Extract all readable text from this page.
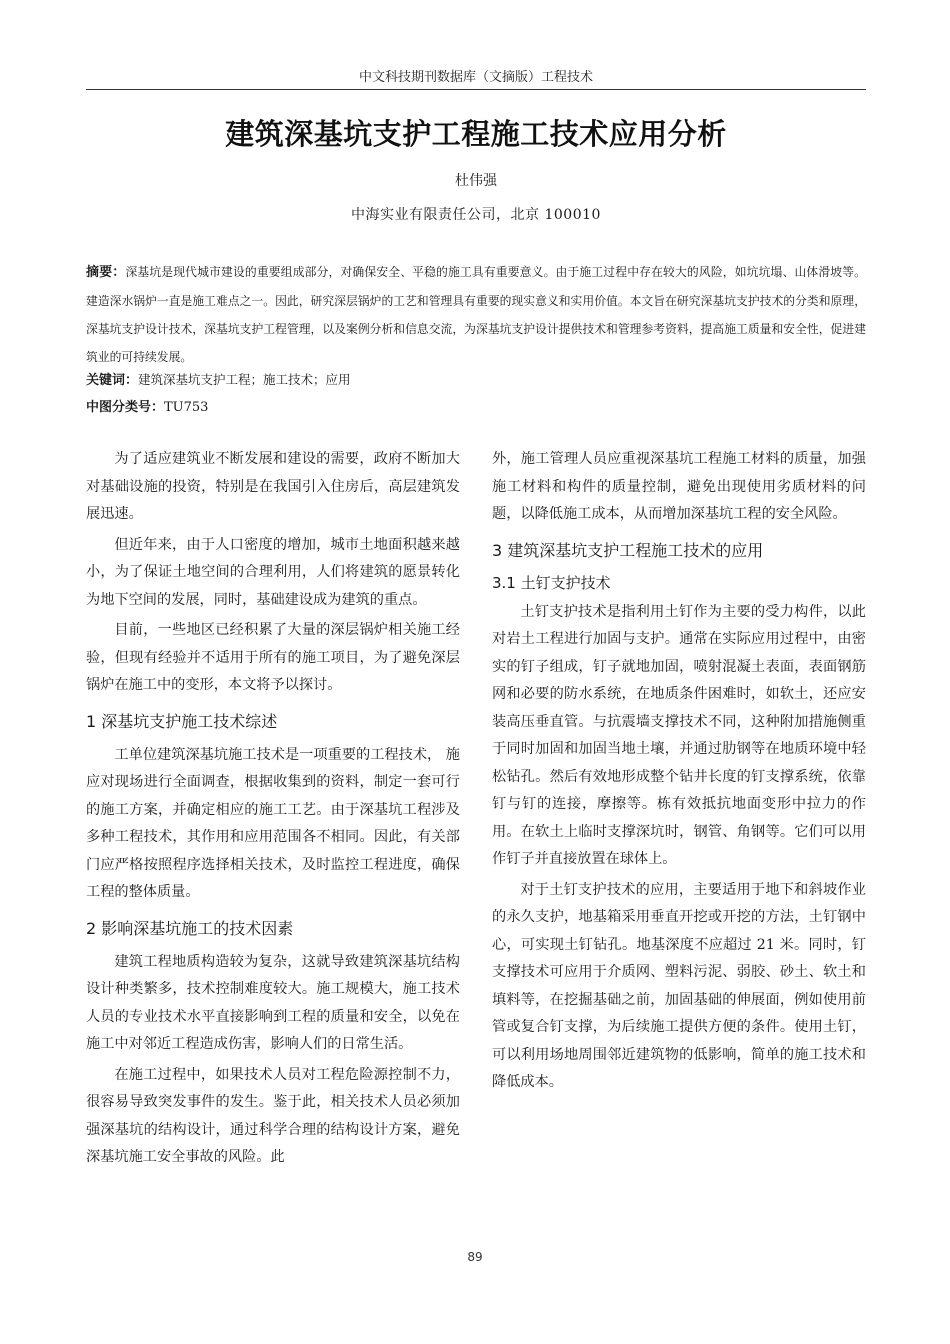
中文科技期刊数据库（文摘版）工程技术
建筑深基坑支护工程施工技术应用分析
杜伟强
中海实业有限责任公司，北京 100010
摘要：深基坑是现代城市建设的重要组成部分，对确保安全、平稳的施工具有重要意义。由于施工过程中存在较大的风险，如坑坑塌、山体滑坡等。建造深水锅炉一直是施工难点之一。因此，研究深层锅炉的工艺和管理具有重要的现实意义和实用价值。本文旨在研究深基坑支护技术的分类和原理，深基坑支护设计技术，深基坑支护工程管理，以及案例分析和信息交流，为深基坑支护设计提供技术和管理参考资料，提高施工质量和安全性，促进建筑业的可持续发展。
关键词：建筑深基坑支护工程；施工技术；应用
中图分类号：TU753

为了适应建筑业不断发展和建设的需要，政府不断加大对基础设施的投资，特别是在我国引入住房后，高层建筑发展迅速。

但近年来，由于人口密度的增加，城市土地面积越来越小，为了保证土地空间的合理利用，人们将建筑的愿景转化为地下空间的发展，同时，基础建设成为建筑的重点。

目前，一些地区已经积累了大量的深层锅炉相关施工经验，但现有经验并不适用于所有的施工项目，为了避免深层锅炉在施工中的变形，本文将予以探讨。

1 深基坑支护施工技术综述

工单位建筑深基坑施工技术是一项重要的工程技术， 施应对现场进行全面调查，根据收集到的资料，制定一套可行的施工方案，并确定相应的施工工艺。由于深基坑工程涉及多种工程技术，其作用和应用范围各不相同。因此，有关部门应严格按照程序选择相关技术，及时监控工程进度，确保工程的整体质量。

2 影响深基坑施工的技术因素

建筑工程地质构造较为复杂，这就导致建筑深基坑结构设计种类繁多，技术控制难度较大。施工规模大，施工技术人员的专业技术水平直接影响到工程的质量和安全，以免在施工中对邻近工程造成伤害，影响人们的日常生活。

在施工过程中，如果技术人员对工程危险源控制不力，很容易导致突发事件的发生。鉴于此，相关技术人员必须加强深基坑的结构设计，通过科学合理的结构设计方案，避免深基坑施工安全事故的风险。此

外，施工管理人员应重视深基坑工程施工材料的质量，加强施工材料和构件的质量控制，避免出现使用劣质材料的问题，以降低施工成本，从而增加深基坑工程的安全风险。

3 建筑深基坑支护工程施工技术的应用
3.1 土钉支护技术

土钉支护技术是指利用土钉作为主要的受力构件，以此对岩土工程进行加固与支护。通常在实际应用过程中，由密实的钉子组成，钉子就地加固，喷射混凝土表面，表面钢筋网和必要的防水系统，在地质条件困难时，如软土，还应安装高压垂直管。与抗震墙支撑技术不同，这种附加措施侧重于同时加固和加固当地土壤，并通过肋钢等在地质环境中轻松钻孔。然后有效地形成整个钻井长度的钉支撑系统，依靠钉与钉的连接，摩擦等。栋有效抵抗地面变形中拉力的作用。在软土上临时支撑深坑时，钢管、角钢等。它们可以用作钉子并直接放置在球体上。

对于土钉支护技术的应用，主要适用于地下和斜坡作业的永久支护，地基箱采用垂直开挖或开挖的方法，土钉钢中心，可实现土钉钻孔。地基深度不应超过 21 米。同时，钉支撑技术可应用于介质网、塑料污泥、弱胶、砂土、软土和填料等，在挖掘基础之前，加固基础的伸展面，例如使用前管或复合钉支撑，为后续施工提供方便的条件。使用土钉，可以利用场地周围邻近建筑物的低影响，简单的施工技术和降低成本。

89
